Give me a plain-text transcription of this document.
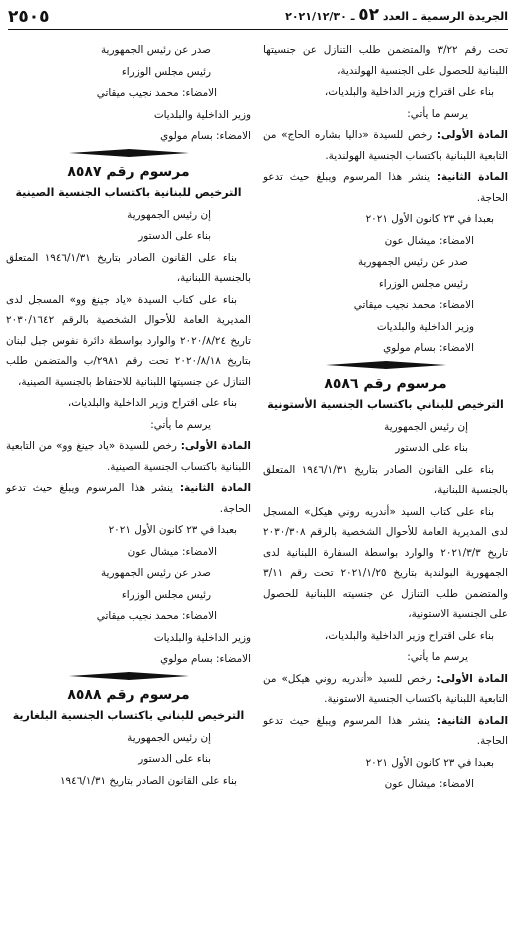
الجريدة الرسمية ـ العدد ٥٢ ـ ٢٠٢١/١٢/٣٠
٢٥٠٥

تحت رقم ٣/٢٢ والمتضمن طلب التنازل عن جنسيتها اللبنانية للحصول على الجنسية الهولندية،

بناء على اقتراح وزير الداخلية والبلديات،

يرسم ما يأتي:

المادة الأولى: رخص للسيدة «داليا بشاره الحاج» من التابعية اللبنانية باكتساب الجنسية الهولندية.

المادة الثانية: ينشر هذا المرسوم ويبلغ حيث تدعو الحاجة.

بعبدا في ٢٣ كانون الأول ٢٠٢١

الامضاء: ميشال عون

صدر عن رئيس الجمهورية

رئيس مجلس الوزراء

الامضاء: محمد نجيب ميقاتي

وزير الداخلية والبلديات

الامضاء: بسام مولوي

مرسوم رقم ٨٥٨٦
الترخيص للبناني باكتساب الجنسية الأستونية

إن رئيس الجمهورية

بناء على الدستور

بناء على القانون الصادر بتاريخ ١٩٤٦/١/٣١ المتعلق بالجنسية اللبنانية،

بناء على كتاب السيد «أندريه روني هيكل» المسجل لدى المديرية العامة للأحوال الشخصية بالرقم ٢٠٣٠/٣٠٨ تاريخ ٢٠٢١/٣/٣ والوارد بواسطة السفارة اللبنانية لدى الجمهورية البولندية بتاريخ ٢٠٢١/١/٢٥ تحت رقم ٣/١١ والمتضمن طلب التنازل عن جنسيته اللبنانية للحصول على الجنسية الاستونية،

بناء على اقتراح وزير الداخلية والبلديات،

يرسم ما يأتي:

المادة الأولى: رخص للسيد «أندريه روني هيكل» من التابعية اللبنانية باكتساب الجنسية الاستونية.

المادة الثانية: ينشر هذا المرسوم ويبلغ حيث تدعو الحاجة.

بعبدا في ٢٣ كانون الأول ٢٠٢١

الامضاء: ميشال عون

صدر عن رئيس الجمهورية

رئيس مجلس الوزراء

الامضاء: محمد نجيب ميقاتي

وزير الداخلية والبلديات

الامضاء: بسام مولوي

مرسوم رقم ٨٥٨٧
الترخيص للبنانية باكتساب الجنسية الصينية

إن رئيس الجمهورية

بناء على الدستور

بناء على القانون الصادر بتاريخ ١٩٤٦/١/٣١ المتعلق بالجنسية اللبنانية،

بناء على كتاب السيدة «ياد جينغ وو» المسجل لدى المديرية العامة للأحوال الشخصية بالرقم ٢٠٣٠/١٦٤٢ تاريخ ٢٠٢٠/٨/٢٤ والوارد بواسطة دائرة نفوس جبل لبنان بتاريخ ٢٠٢٠/٨/١٨ تحت رقم ٢٩٨١/ب والمتضمن طلب التنازل عن جنسيتها اللبنانية للاحتفاظ بالجنسية الصينية،

بناء على اقتراح وزير الداخلية والبلديات،

يرسم ما يأتي:

المادة الأولى: رخص للسيدة «ياد جينغ وو» من التابعية اللبنانية باكتساب الجنسية الصينية.

المادة الثانية: ينشر هذا المرسوم ويبلغ حيث تدعو الحاجة.

بعبدا في ٢٣ كانون الأول ٢٠٢١

الامضاء: ميشال عون

صدر عن رئيس الجمهورية

رئيس مجلس الوزراء

الامضاء: محمد نجيب ميقاتي

وزير الداخلية والبلديات

الامضاء: بسام مولوي

مرسوم رقم ٨٥٨٨
الترخيص للبناني باكتساب الجنسية البلغارية

إن رئيس الجمهورية

بناء على الدستور

بناء على القانون الصادر بتاريخ ١٩٤٦/١/٣١
